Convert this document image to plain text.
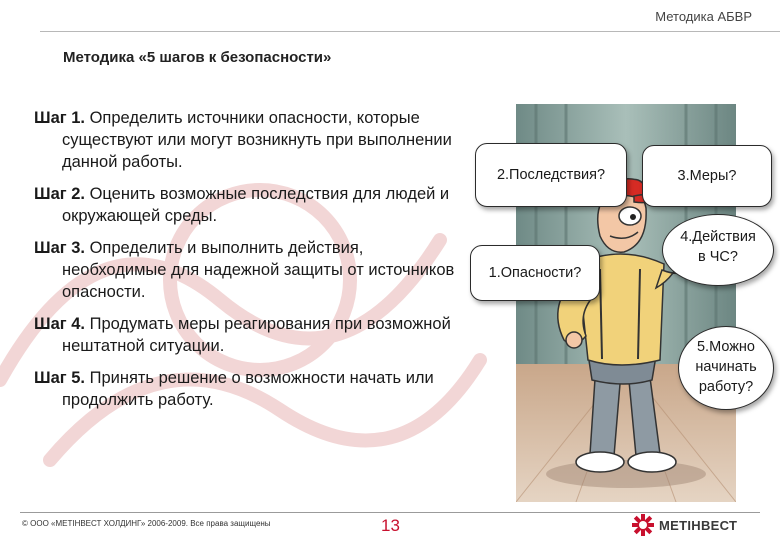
Методика АБВР
Методика «5 шагов к безопасности»

Шаг 1. Определить источники опасности, которые существуют или могут возникнуть при выполнении данной работы.

Шаг 2. Оценить возможные последствия для людей и окружающей среды.

Шаг 3. Определить и выполнить действия, необходимые для надежной защиты от источников опасности.

Шаг 4. Продумать меры реагирования при возможной нештатной ситуации.

Шаг 5. Принять решение о возможности начать или продолжить работу.

1.Опасности?
2.Последствия?	3.Меры?
4.Действия
в ЧС?
5.Можно
начинать
работу?
© ООО «МЕТІНВЕСТ ХОЛДИНГ» 2006-2009. Все права защищены	13	МЕТІНВЕСТ
